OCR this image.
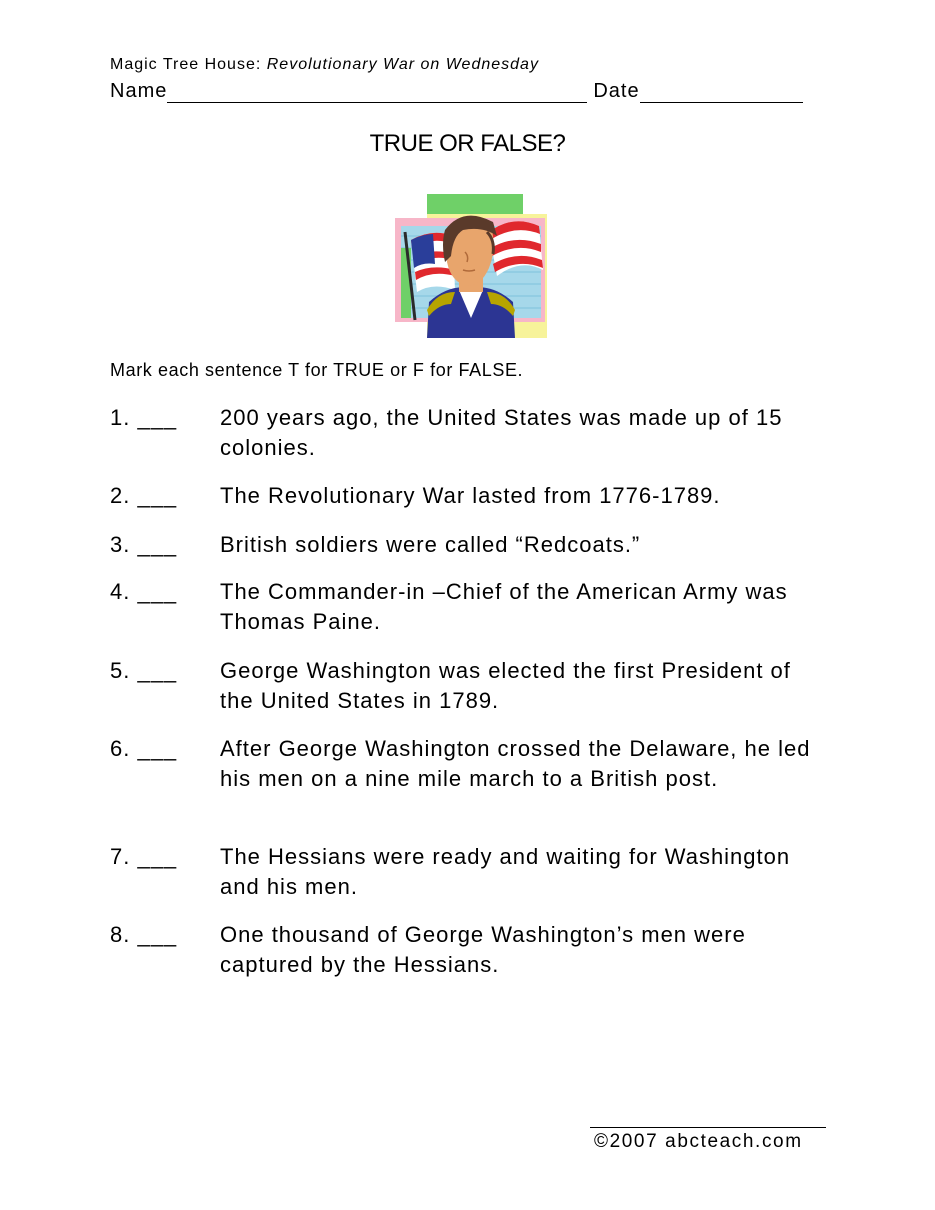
Magic Tree House: Revolutionary War on Wednesday
Name	Date
TRUE OR FALSE?
Mark each sentence T for TRUE or F for FALSE.
1. ___	200 years ago, the United States was made up of 15 colonies.
2. ___	The Revolutionary War lasted from 1776-1789.
3. ___	British soldiers were called “Redcoats.”
4. ___	The Commander-in –Chief of the American Army was Thomas Paine.
5. ___	George Washington was elected the first President of the United States in 1789.
6. ___	After George Washington crossed the Delaware, he led his men on a nine mile march to a British post.
7. ___	The Hessians were ready and waiting for Washington and his men.
8. ___	One thousand of George Washington’s men were captured by the Hessians.
©2007 abcteach.com
